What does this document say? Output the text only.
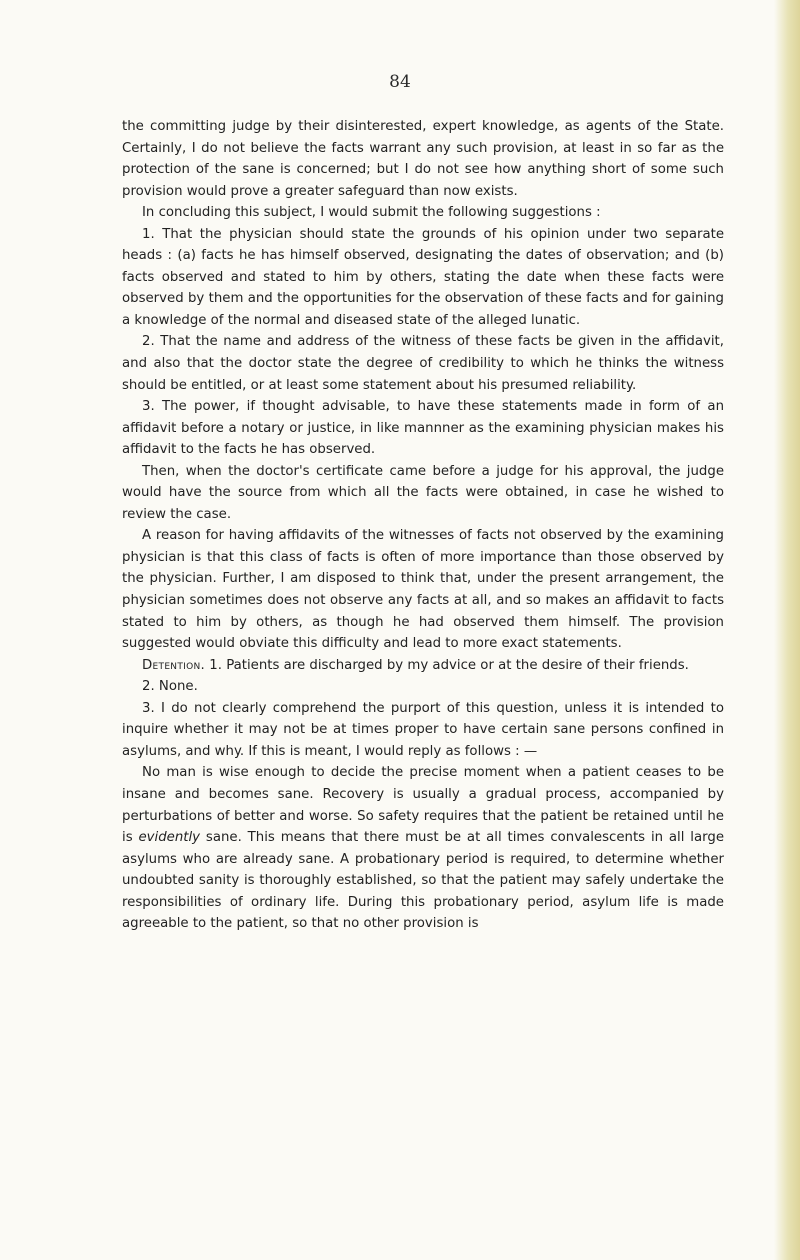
84

the committing judge by their disinterested, expert knowledge, as agents of the State. Certainly, I do not believe the facts warrant any such provision, at least in so far as the protection of the sane is concerned; but I do not see how anything short of some such provision would prove a greater safeguard than now exists.

In concluding this subject, I would submit the following suggestions :

1. That the physician should state the grounds of his opinion under two separate heads : (a) facts he has himself observed, designating the dates of observation; and (b) facts observed and stated to him by others, stating the date when these facts were observed by them and the opportunities for the observation of these facts and for gaining a knowledge of the normal and diseased state of the alleged lunatic.

2. That the name and address of the witness of these facts be given in the affidavit, and also that the doctor state the degree of credibility to which he thinks the witness should be entitled, or at least some statement about his presumed reliability.

3. The power, if thought advisable, to have these statements made in form of an affidavit before a notary or justice, in like mannner as the examining physician makes his affidavit to the facts he has observed.

Then, when the doctor's certificate came before a judge for his approval, the judge would have the source from which all the facts were obtained, in case he wished to review the case.

A reason for having affidavits of the witnesses of facts not observed by the examining physician is that this class of facts is often of more importance than those observed by the physician. Further, I am disposed to think that, under the present arrangement, the physician sometimes does not observe any facts at all, and so makes an affidavit to facts stated to him by others, as though he had observed them himself. The provision suggested would obviate this difficulty and lead to more exact statements.

Detention. 1. Patients are discharged by my advice or at the desire of their friends.

2. None.

3. I do not clearly comprehend the purport of this question, unless it is intended to inquire whether it may not be at times proper to have certain sane persons confined in asylums, and why. If this is meant, I would reply as follows : —

No man is wise enough to decide the precise moment when a patient ceases to be insane and becomes sane. Recovery is usually a gradual process, accompanied by perturbations of better and worse. So safety requires that the patient be retained until he is evidently sane. This means that there must be at all times convalescents in all large asylums who are already sane. A probationary period is required, to determine whether undoubted sanity is thoroughly established, so that the patient may safely undertake the responsibilities of ordinary life. During this probationary period, asylum life is made agreeable to the patient, so that no other provision is
